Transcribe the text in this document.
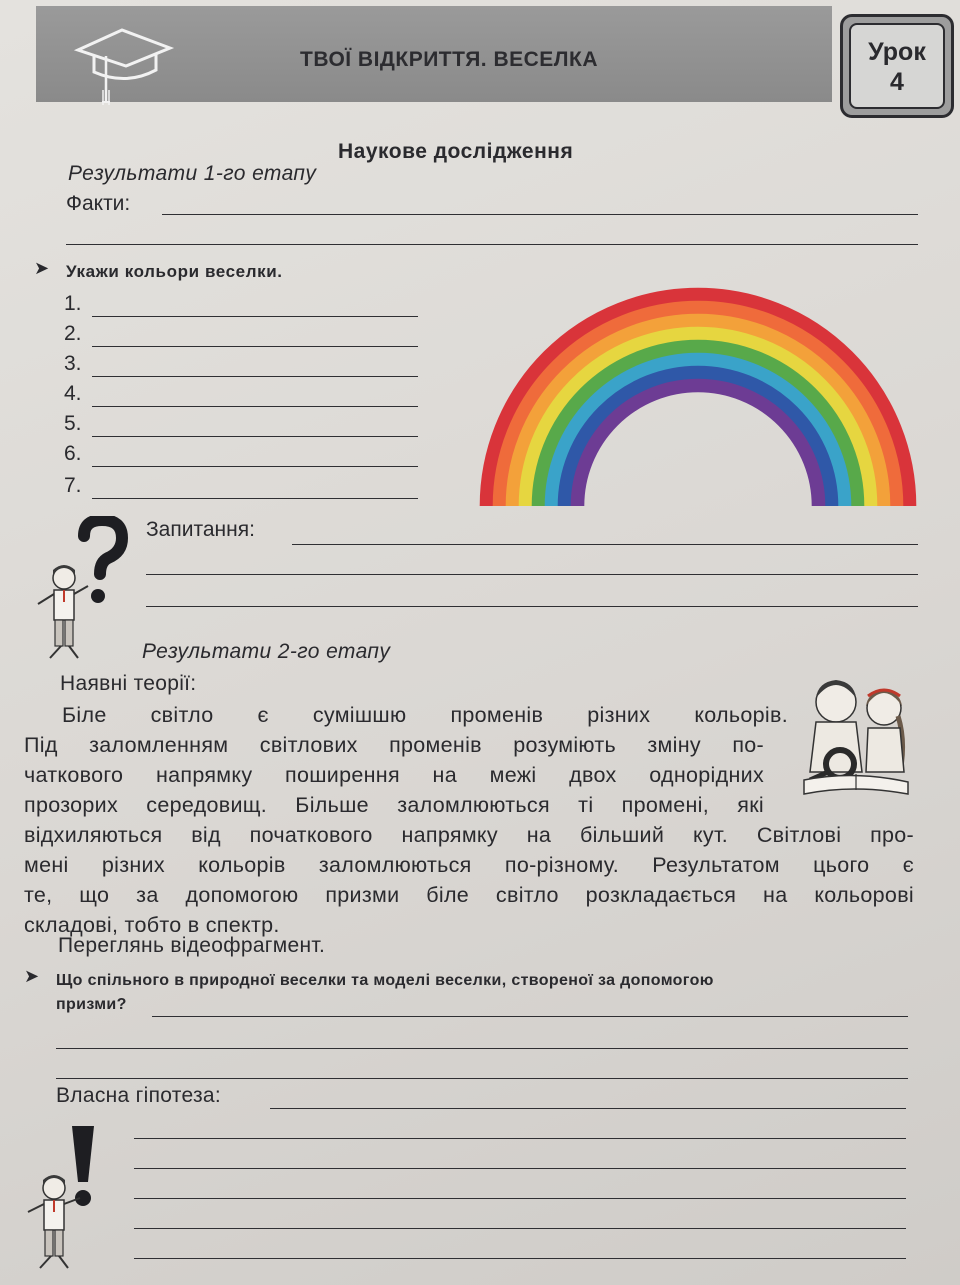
ТВОЇ ВІДКРИТТЯ. ВЕСЕЛКА	Урок
4
Наукове дослідження
Результати 1-го етапу
Факти:
➤ Укажи кольори веселки.
1.
2.
3.
4.
5.
6.
7.
Запитання:
Результати 2-го етапу
Наявні теорії:
Біле світло є сумішшю променів різних кольорів.
Під заломленням світлових променів розуміють зміну по-
чаткового напрямку поширення на межі двох однорідних
прозорих середовищ. Більше заломлюються ті промені, які
відхиляються від початкового напрямку на більший кут. Світлові про-
мені різних кольорів заломлюються по-різному. Результатом цього є
те, що за допомогою призми біле світло розкладається на кольорові
складові, тобто в спектр.
Переглянь відеофрагмент.
➤ Що спільного в природної веселки та моделі веселки, створеної за допомогою
призми?
Власна гіпотеза:
